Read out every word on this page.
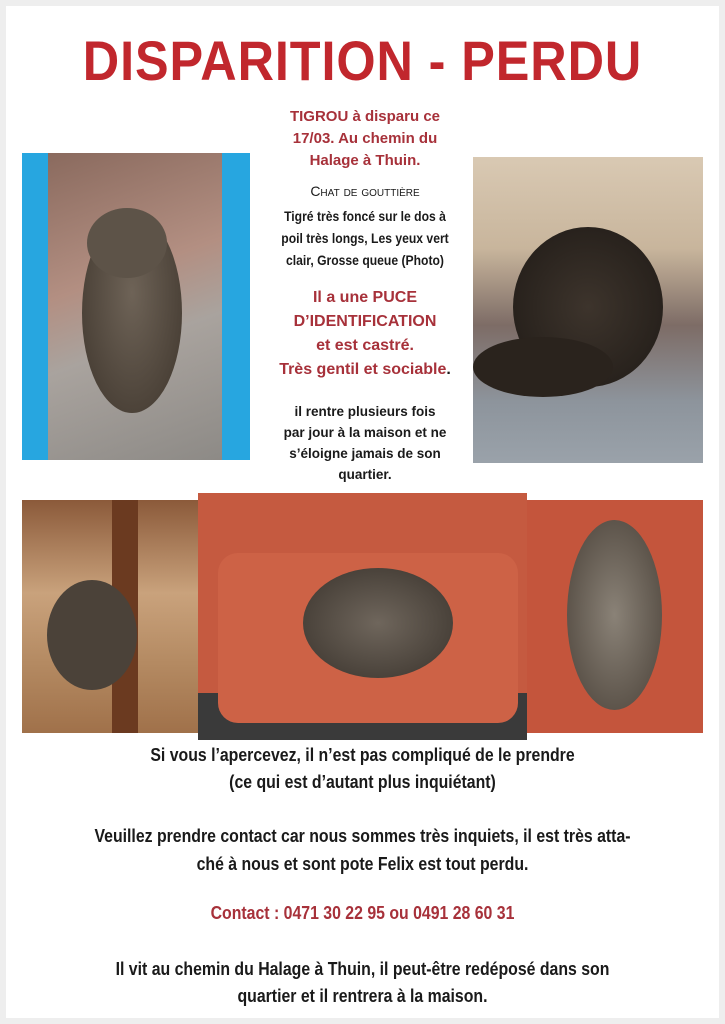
DISPARITION - PERDU
TIGROU à disparu ce
17/03. Au chemin du
Halage à Thuin.
Chat de gouttière
Tigré très foncé sur le dos à
poil très longs, Les yeux vert
clair, Grosse queue (Photo)
Il a une PUCE
D’IDENTIFICATION
et est castré.
Très gentil et sociable.
il rentre plusieurs fois
par jour à la maison et ne
s’éloigne jamais de son
quartier.
Si vous l’apercevez, il n’est pas compliqué de le prendre
(ce qui est d’autant plus inquiétant)
Veuillez prendre contact car nous sommes très inquiets, il est très atta-
ché à nous et sont pote Felix est tout perdu.
Contact : 0471 30 22 95 ou 0491 28 60 31
Il vit au chemin du Halage à Thuin, il peut-être redéposé dans son
quartier et il rentrera à la maison.
